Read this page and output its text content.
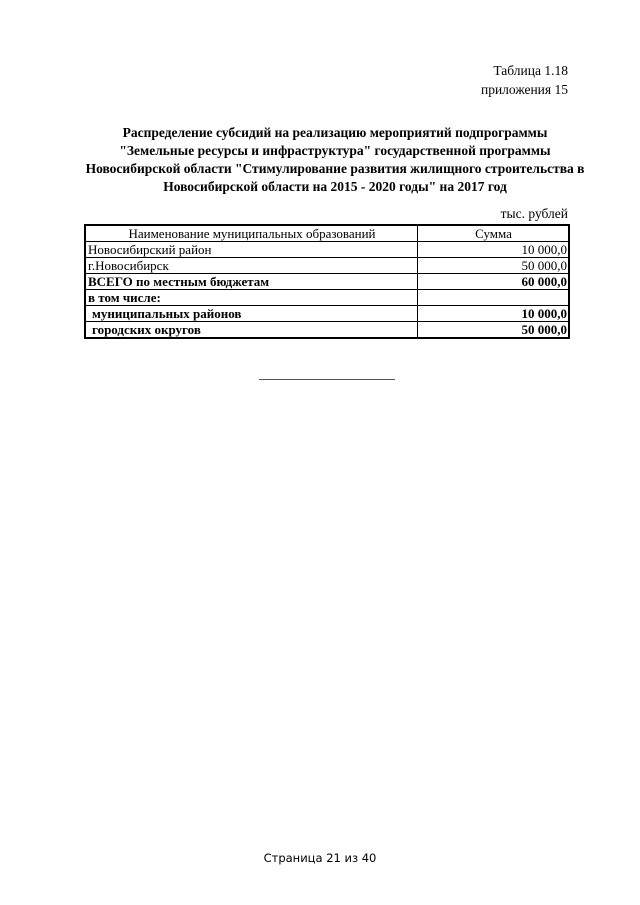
Таблица 1.18
приложения 15
Распределение субсидий на реализацию мероприятий подпрограммы
"Земельные ресурсы и инфраструктура" государственной программы
Новосибирской области "Стимулирование развития жилищного строительства в
Новосибирской области на 2015 - 2020 годы" на 2017 год
тыс. рублей
Наименование муниципальных образований	Сумма
Новосибирский район	10 000,0
г.Новосибирск	50 000,0
ВСЕГО по местным бюджетам	60 000,0
в том числе:	
муниципальных районов	10 000,0
городских округов	50 000,0
Страница 21 из 40
